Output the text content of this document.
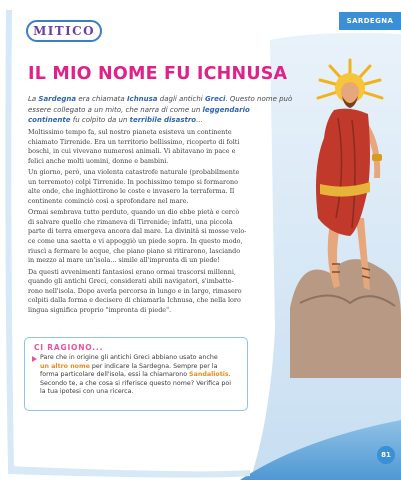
MITICO
SARDEGNA
IL MIO NOME FU ICHNUSA

La Sardegna era chiamata Ichnusa dagli antichi Greci. Questo nome può essere collegato a un mito, che narra di come un leggendario continente fu colpito da un terribile disastro...

Moltissimo tempo fa, sul nostro pianeta esisteva un continente
chiamato Tirrenide. Era un territorio bellissimo, ricoperto di folti
boschi, in cui vivevano numerosi animali. Vi abitavano in pace e
felici anche molti uomini, donne e bambini.

Un giorno, però, una violenta catastrofe naturale (probabilmente
un terremoto) colpì Tirrenide. In pochissimo tempo si formarono
alte onde, che inghiottirono le coste e invasero la terraferma. Il
continente cominciò così a sprofondare nel mare.

Ormai sembrava tutto perduto, quando un dio ebbe pietà e cercò
di salvare quello che rimaneva di Tirrenide; infatti, una piccola
parte di terra emergeva ancora dal mare. La divinità si mosse velo-
ce come una saetta e vi appoggiò un piede sopra. In questo modo,
riuscì a fermare le acque, che piano piano si ritirarono, lasciando
in mezzo al mare un'isola... simile all'impronta di un piede!

Da questi avvenimenti fantasiosi erano ormai trascorsi millenni,
quando gli antichi Greci, considerati abili navigatori, s'imbatte-
rono nell'isola. Dopo averla percorsa in lungo e in largo, rimasero
colpiti dalla forma e decisero di chiamarla Ichnusa, che nella loro
lingua significa proprio "impronta di piede".

CI RAGIONO...
Pare che in origine gli antichi Greci abbiano usato anche
un altro nome per indicare la Sardegna. Sempre per la
forma particolare dell'isola, essi la chiamarono Sandaliotis.
Secondo te, a che cosa si riferisce questo nome? Verifica poi
la tua ipotesi con una ricerca.
81
